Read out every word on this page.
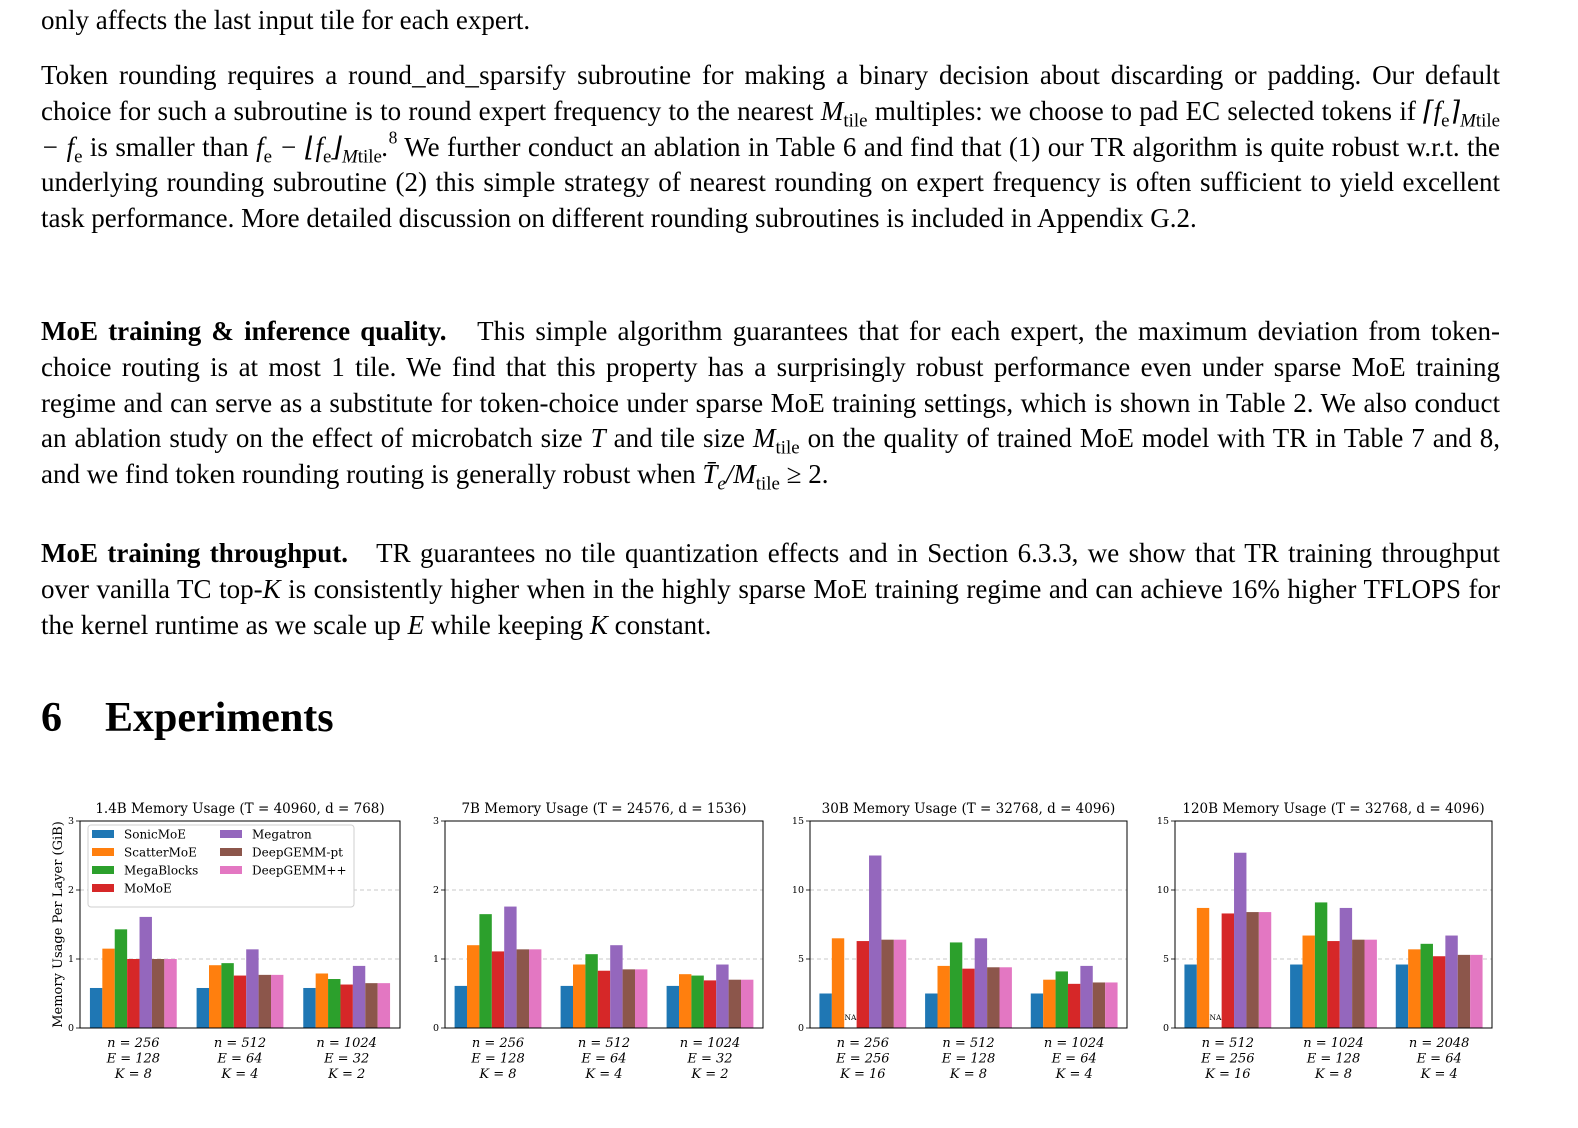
only affects the last input tile for each expert.

Token rounding requires a round_and_sparsify subroutine for making a binary decision about discarding or padding. Our default choice for such a subroutine is to round expert frequency to the nearest $M_{tile}$ multiples: we choose to pad EC selected tokens if $⌈f_e⌉_{Mtile} - f_e$ is smaller than $f_e$ − $⌊f_e⌋_{Mtile}.^8$ We further conduct an ablation in Table 6 and find that (1) our TR algorithm is quite robust w.r.t. the underlying rounding subroutine (2) this simple strategy of nearest rounding on expert frequency is often sufficient to yield excellent task performance. More detailed discussion on different rounding subroutines is included in Appendix G.2.

MoE training & inference quality. This simple algorithm guarantees that for each expert, the maximum deviation from token-choice routing is at most 1 tile. We find that this property has a surprisingly robust performance even under sparse MoE training regime and can serve as a substitute for token-choice under sparse MoE training settings, which is shown in Table 2. We also conduct an ablation study on the effect of microbatch size T and tile size $M_{tile}$ on the quality of trained MoE model with TR in Table 7 and 8, and we find token rounding routing is generally robust when $T̄_e/M_{tile} \ge 2$.

MoE training throughput. TR guarantees no tile quantization effects and in Section 6.3.3, we show that TR training throughput over vanilla TC top-K is consistently higher when in the highly sparse MoE training regime and can achieve 16% higher TFLOPS for the kernel runtime as we scale up E while keeping K constant.

6 Experiments
1.4B Memory Usage (T = 40960, d = 768)
0
1
2
3
n = 256
E = 128
K = 8
n = 512
E = 64
K = 4
n = 1024
E = 32
K = 2
Memory Usage Per Layer (GiB)	SonicMoE
ScatterMoE
MegaBlocks
MoMoE
Megatron
DeepGEMM-pt
DeepGEMM++
7B Memory Usage (T = 24576, d = 1536)
0
1
2
3
n = 256
E = 128
K = 8
n = 512
E = 64
K = 4
n = 1024
E = 32
K = 2
30B Memory Usage (T = 32768, d = 4096)
0
5
10
15
NA
n = 256
E = 256
K = 16
n = 512
E = 128
K = 8
n = 1024
E = 64
K = 4
120B Memory Usage (T = 32768, d = 4096)
0
5
10
15
NA
n = 512
E = 256
K = 16
n = 1024
E = 128
K = 8
n = 2048
E = 64
K = 4
